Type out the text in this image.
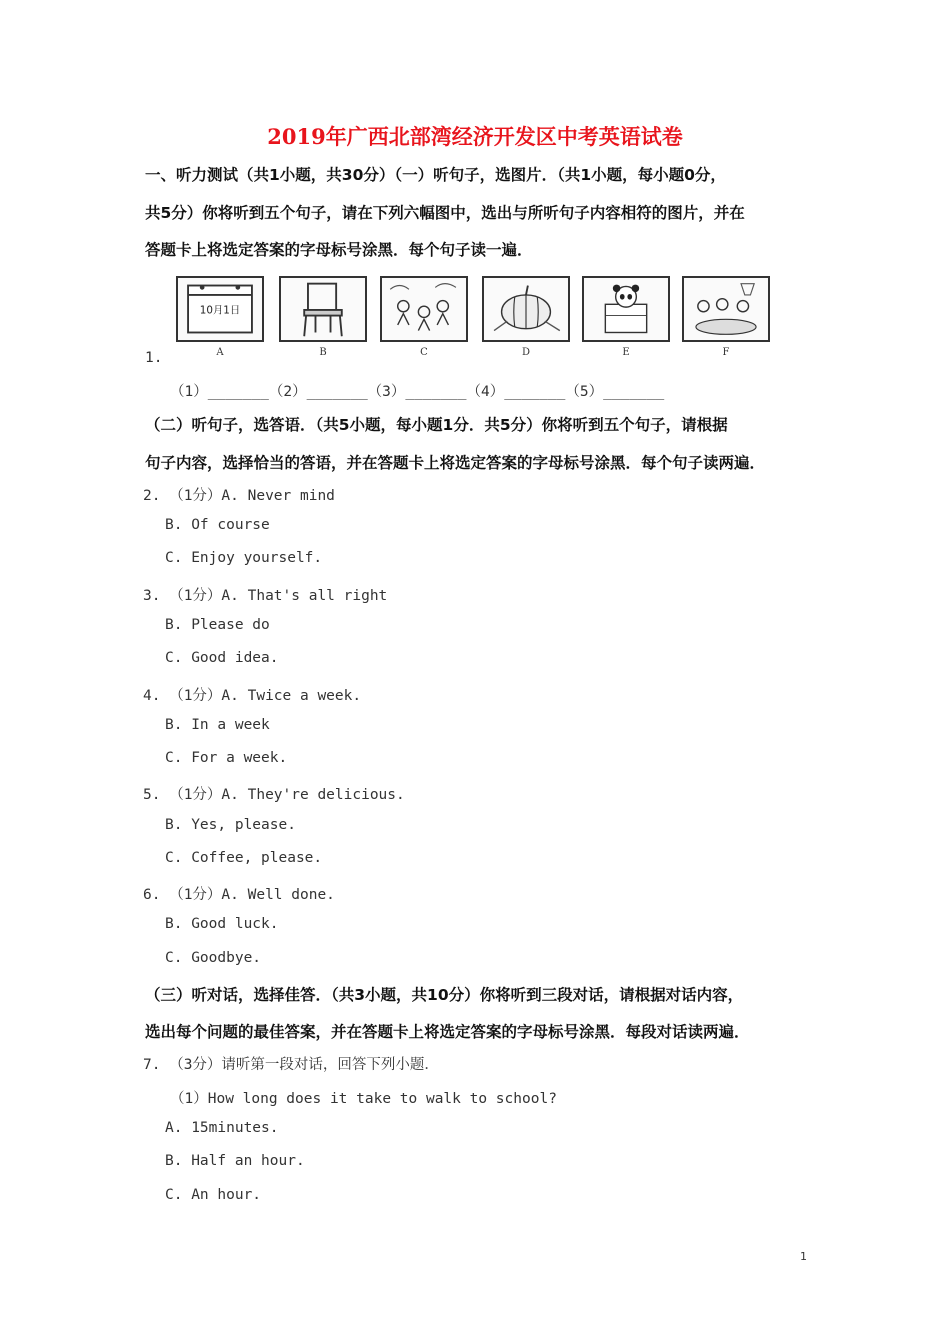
2019年广西北部湾经济开发区中考英语试卷
一、听力测试（共1小题，共30分）（一）听句子，选图片．（共1小题，每小题0分，
共5分）你将听到五个句子，请在下列六幅图中，选出与所听句子内容相符的图片，并在
答题卡上将选定答案的字母标号涂黑．每个句子读一遍．
10月1日
A	B	C	D	E	F
1.
（1）_______（2）_______（3）_______（4）_______（5）_______
（二）听句子，选答语．（共5小题，每小题1分．共5分）你将听到五个句子，请根据
句子内容，选择恰当的答语，并在答题卡上将选定答案的字母标号涂黑．每个句子读两遍．
2. （1分）A. Never mind
B. Of course
C. Enjoy yourself.
3. （1分）A. That's all right
B. Please do
C. Good idea.
4. （1分）A. Twice a week.
B. In a week
C. For a week.
5. （1分）A. They're delicious.
B. Yes, please.
C. Coffee, please.
6. （1分）A. Well done.
B. Good luck.
C. Goodbye.
（三）听对话，选择佳答．（共3小题，共10分）你将听到三段对话，请根据对话内容，
选出每个问题的最佳答案，并在答题卡上将选定答案的字母标号涂黑．每段对话读两遍．
7. （3分）请听第一段对话，回答下列小题．
（1）How long does it take to walk to school?
A. 15minutes.
B. Half an hour.
C. An hour.
1
